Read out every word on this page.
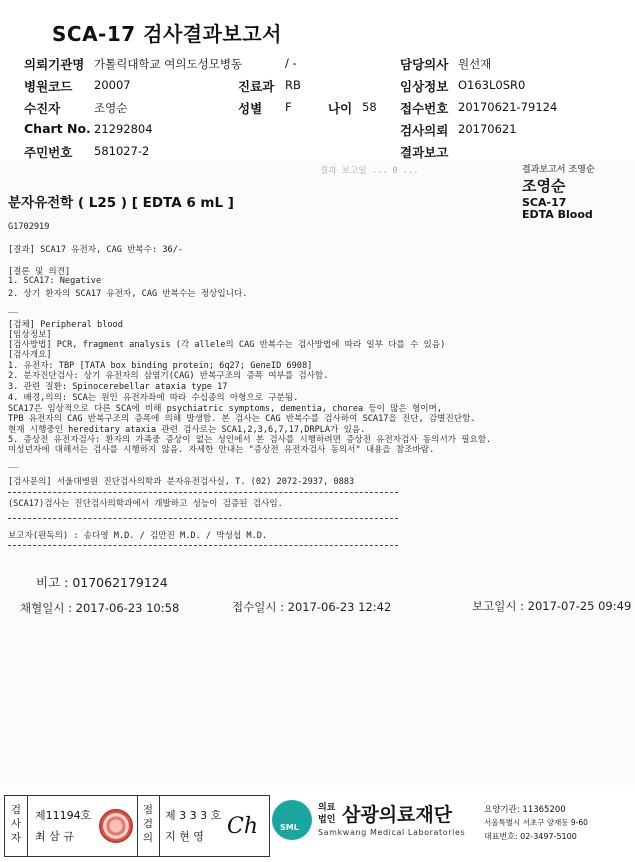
SCA-17 검사결과보고서
의뢰기관명 가톨릭대학교 여의도성모병동	/ -	담당의사 원선재
병원코드 20007	진료과 RB	임상정보 O163L0SR0
수진자	조영순	성별 F	나이 58 접수번호 20170621-79124
Chart No. 21292804	검사의뢰 20170621
주민번호 581027-2	결과보고
결과 보고일 ... 0 ...	결과보고서 조영순
조영순
SCA-17
EDTA Blood
분자유전학 ( L25 ) [ EDTA 6 mL ]
G1702919
[결과] SCA17 유전자, CAG 반복수: 36/-
[결론 및 의견]
1. SCA17: Negative
2. 상기 환자의 SCA17 유전자, CAG 반복수는 정상입니다.
__
[검체] Peripheral blood
[임상정보]
[검사방법] PCR, fragment analysis (각 allele의 CAG 반복수는 검사방법에 따라 일부 다를 수 있음)
[검사개요]
1. 유전자: TBP [TATA box binding protein; 6q27; GeneID 6908]
2. 분자진단검사: 상기 유전자의 삼염기(CAG) 반복구조의 증폭 여부를 검사함.
3. 관련 질환: Spinocerebellar ataxia type 17
4. 배경,의의: SCA는 원인 유전자좌에 따라 수십종의 아형으로 구분됨.
SCA17은 임상적으로 다른 SCA에 비해 psychiatric symptoms, dementia, chorea 등이 많은 형이며,
TPB 유전자의 CAG 반복구조의 증폭에 의해 발생함. 본 검사는 CAG 반복수를 검사하여 SCA17을 진단, 감별진단함.
현재 시행중인 hereditary ataxia 관련 검사로는 SCA1,2,3,6,7,17,DRPLA가 있음.
5. 증상전 유전자검사: 환자의 가족중 증상이 없는 성인에서 본 검사를 시행하려면 증상전 유전자검사 동의서가 필요함.
미성년자에 대해서는 검사를 시행하지 않음. 자세한 안내는 "증상전 유전자검사 동의서" 내용을 참조바람.
__
[검사문의] 서울대병원 진단검사의학과 분자유전검사실, T. (02) 2072-2937, 0883
(SCA17)검사는 진단검사의학과에서 개발하고 성능이 검증된 검사임.
보고자(판독의) : 송다영 M.D. / 김만진 M.D. / 박성섭 M.D.
비고 : 017062179124
채혈일시 : 2017-06-23 10:58	접수일시 : 2017-06-23 12:42	보고일시 : 2017-07-25 09:49
검
사
자
제11194호
최 삼 규
점
검
의
제 3 3 3 호
지 현 영 Ch	SML
의료
법인 삼광의료재단
Samkwang Medical Laboratories
요양기관: 11365200
서울특별시 서초구 양재동 9-60
대표번호: 02-3497-5100
